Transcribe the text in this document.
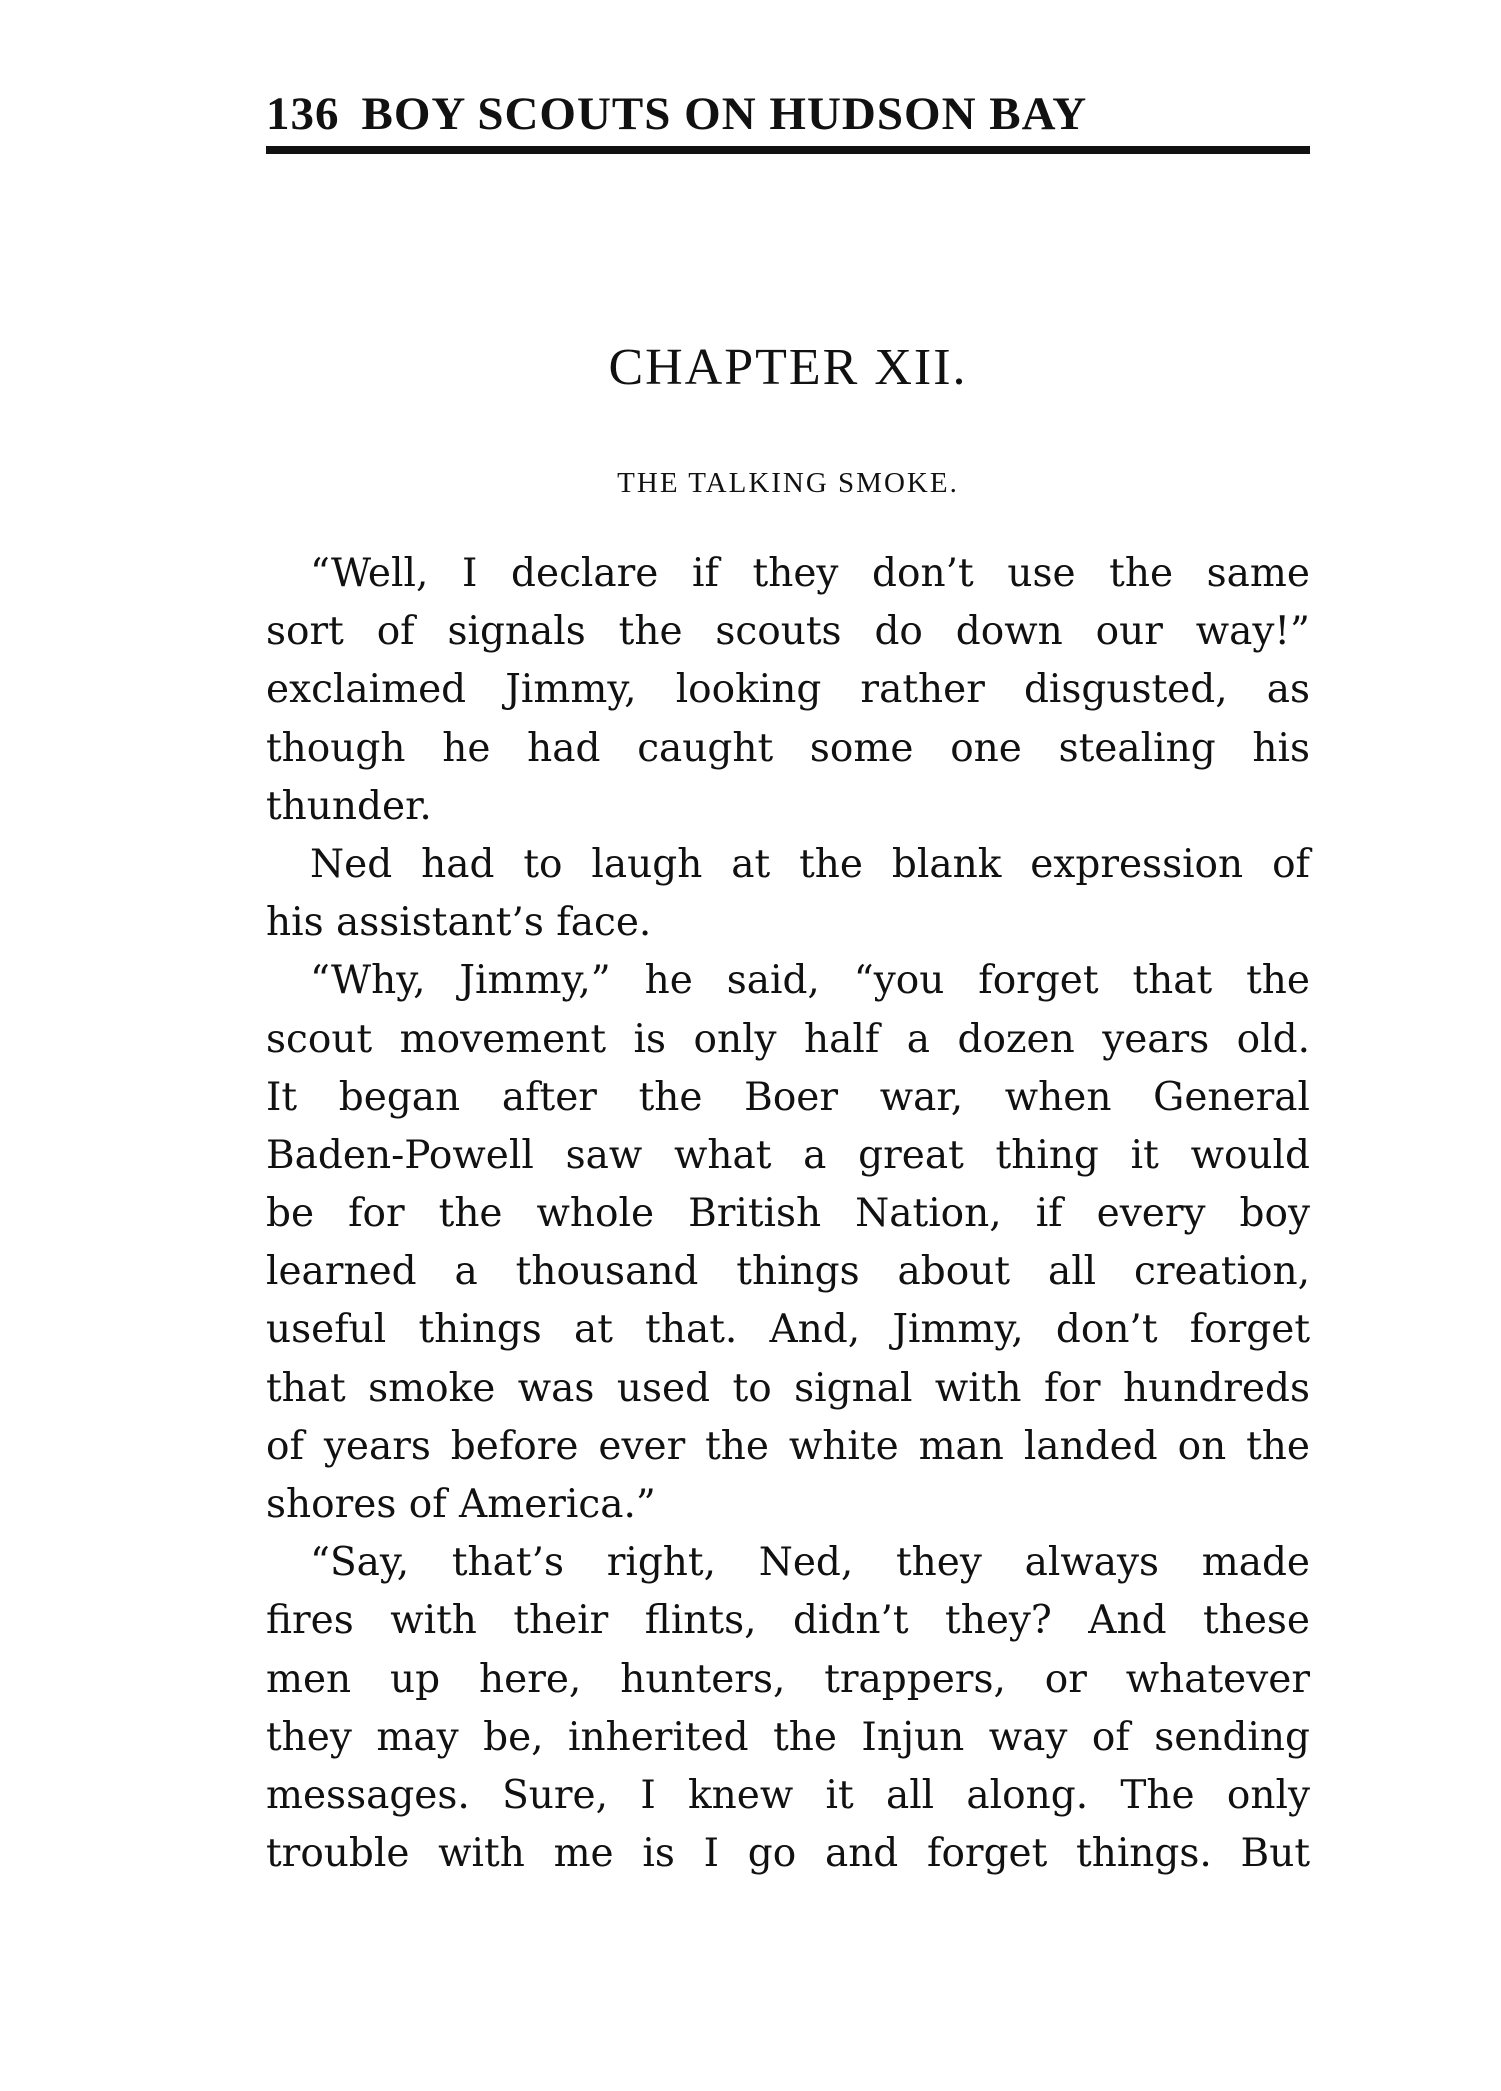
136 BOY SCOUTS ON HUDSON BAY
CHAPTER XII.
THE TALKING SMOKE.
“Well, I declare if they don’t use the same
sort of signals the scouts do down our way!”
exclaimed Jimmy, looking rather disgusted, as
though he had caught some one stealing his
thunder.
Ned had to laugh at the blank expression of
his assistant’s face.
“Why, Jimmy,” he said, “you forget that the
scout movement is only half a dozen years old.
It began after the Boer war, when General
Baden-Powell saw what a great thing it would
be for the whole British Nation, if every boy
learned a thousand things about all creation,
useful things at that. And, Jimmy, don’t forget
that smoke was used to signal with for hundreds
of years before ever the white man landed on the
shores of America.”
“Say, that’s right, Ned, they always made
fires with their flints, didn’t they? And these
men up here, hunters, trappers, or whatever
they may be, inherited the Injun way of sending
messages. Sure, I knew it all along. The only
trouble with me is I go and forget things. But
